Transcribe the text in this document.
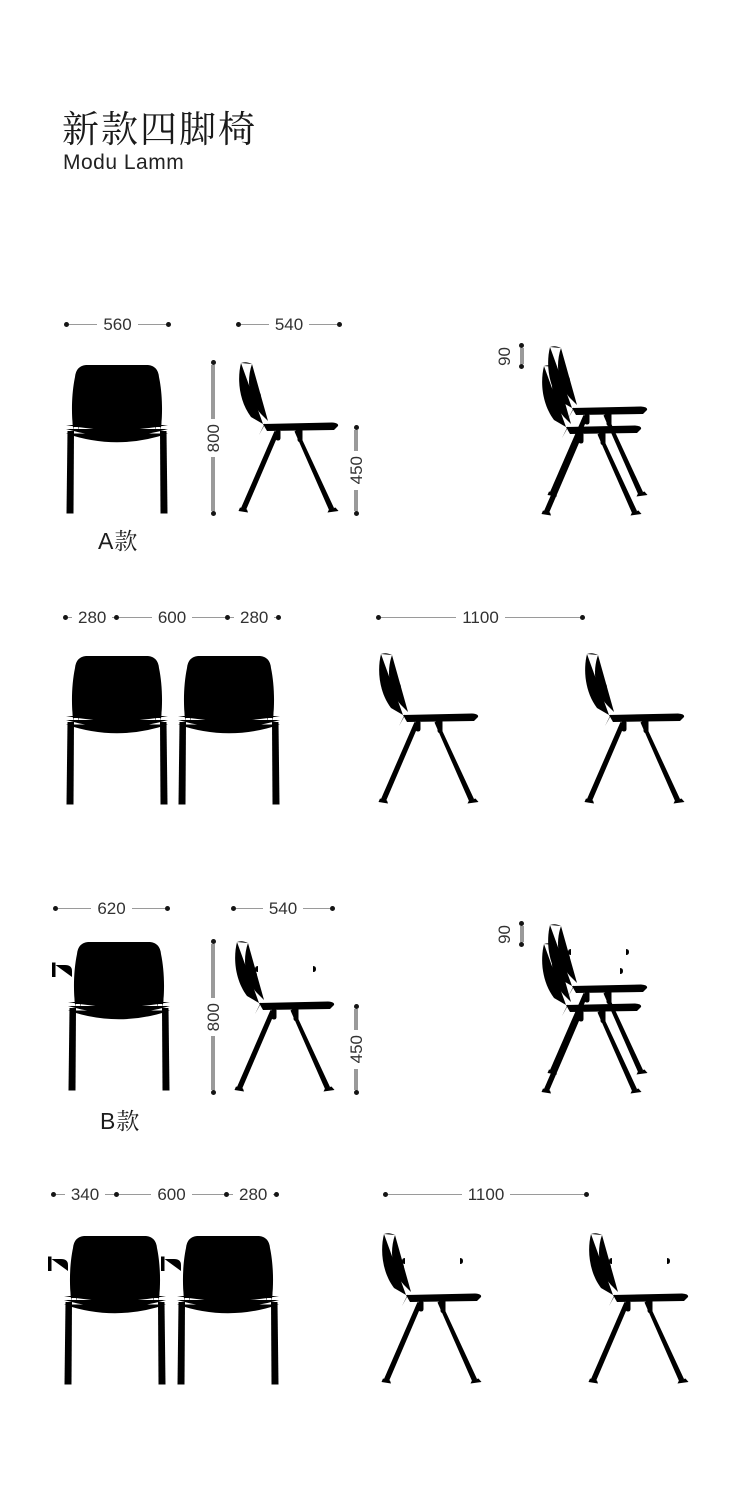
新款四脚椅
Modu Lamm
560	540
800
450
90
A款
280	600	280	1100
620	540
800
450
90
B款
340	600	280	1100
